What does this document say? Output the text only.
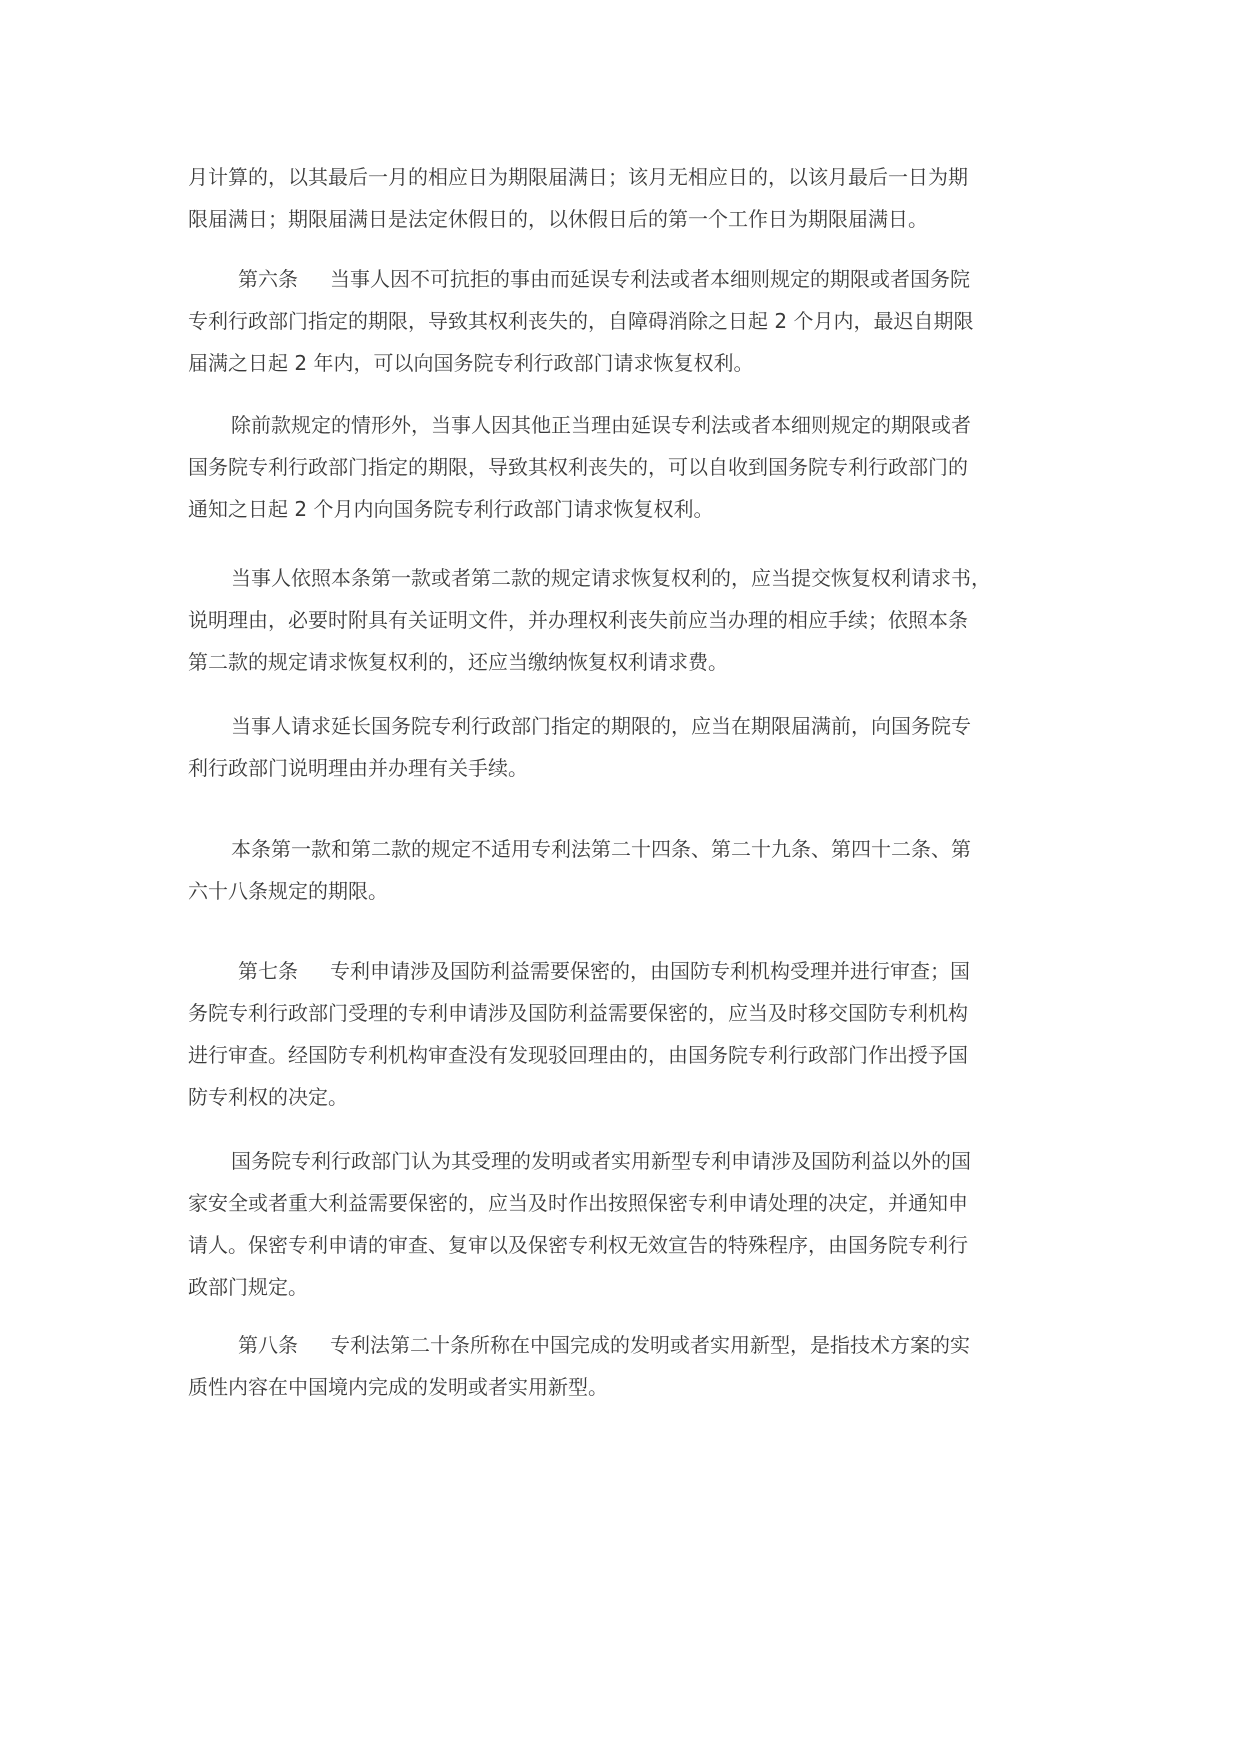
月计算的，以其最后一月的相应日为期限届满日；该月无相应日的，以该月最后一日为期
限届满日；期限届满日是法定休假日的，以休假日后的第一个工作日为期限届满日。

第六条 当事人因不可抗拒的事由而延误专利法或者本细则规定的期限或者国务院
专利行政部门指定的期限，导致其权利丧失的，自障碍消除之日起 2 个月内，最迟自期限
届满之日起 2 年内，可以向国务院专利行政部门请求恢复权利。

除前款规定的情形外，当事人因其他正当理由延误专利法或者本细则规定的期限或者
国务院专利行政部门指定的期限，导致其权利丧失的，可以自收到国务院专利行政部门的
通知之日起 2 个月内向国务院专利行政部门请求恢复权利。

当事人依照本条第一款或者第二款的规定请求恢复权利的，应当提交恢复权利请求书，
说明理由，必要时附具有关证明文件，并办理权利丧失前应当办理的相应手续；依照本条
第二款的规定请求恢复权利的，还应当缴纳恢复权利请求费。

当事人请求延长国务院专利行政部门指定的期限的，应当在期限届满前，向国务院专
利行政部门说明理由并办理有关手续。

本条第一款和第二款的规定不适用专利法第二十四条、第二十九条、第四十二条、第
六十八条规定的期限。

第七条 专利申请涉及国防利益需要保密的，由国防专利机构受理并进行审查；国
务院专利行政部门受理的专利申请涉及国防利益需要保密的，应当及时移交国防专利机构
进行审查。经国防专利机构审查没有发现驳回理由的，由国务院专利行政部门作出授予国
防专利权的决定。

国务院专利行政部门认为其受理的发明或者实用新型专利申请涉及国防利益以外的国
家安全或者重大利益需要保密的，应当及时作出按照保密专利申请处理的决定，并通知申
请人。保密专利申请的审查、复审以及保密专利权无效宣告的特殊程序，由国务院专利行
政部门规定。

第八条 专利法第二十条所称在中国完成的发明或者实用新型，是指技术方案的实
质性内容在中国境内完成的发明或者实用新型。
